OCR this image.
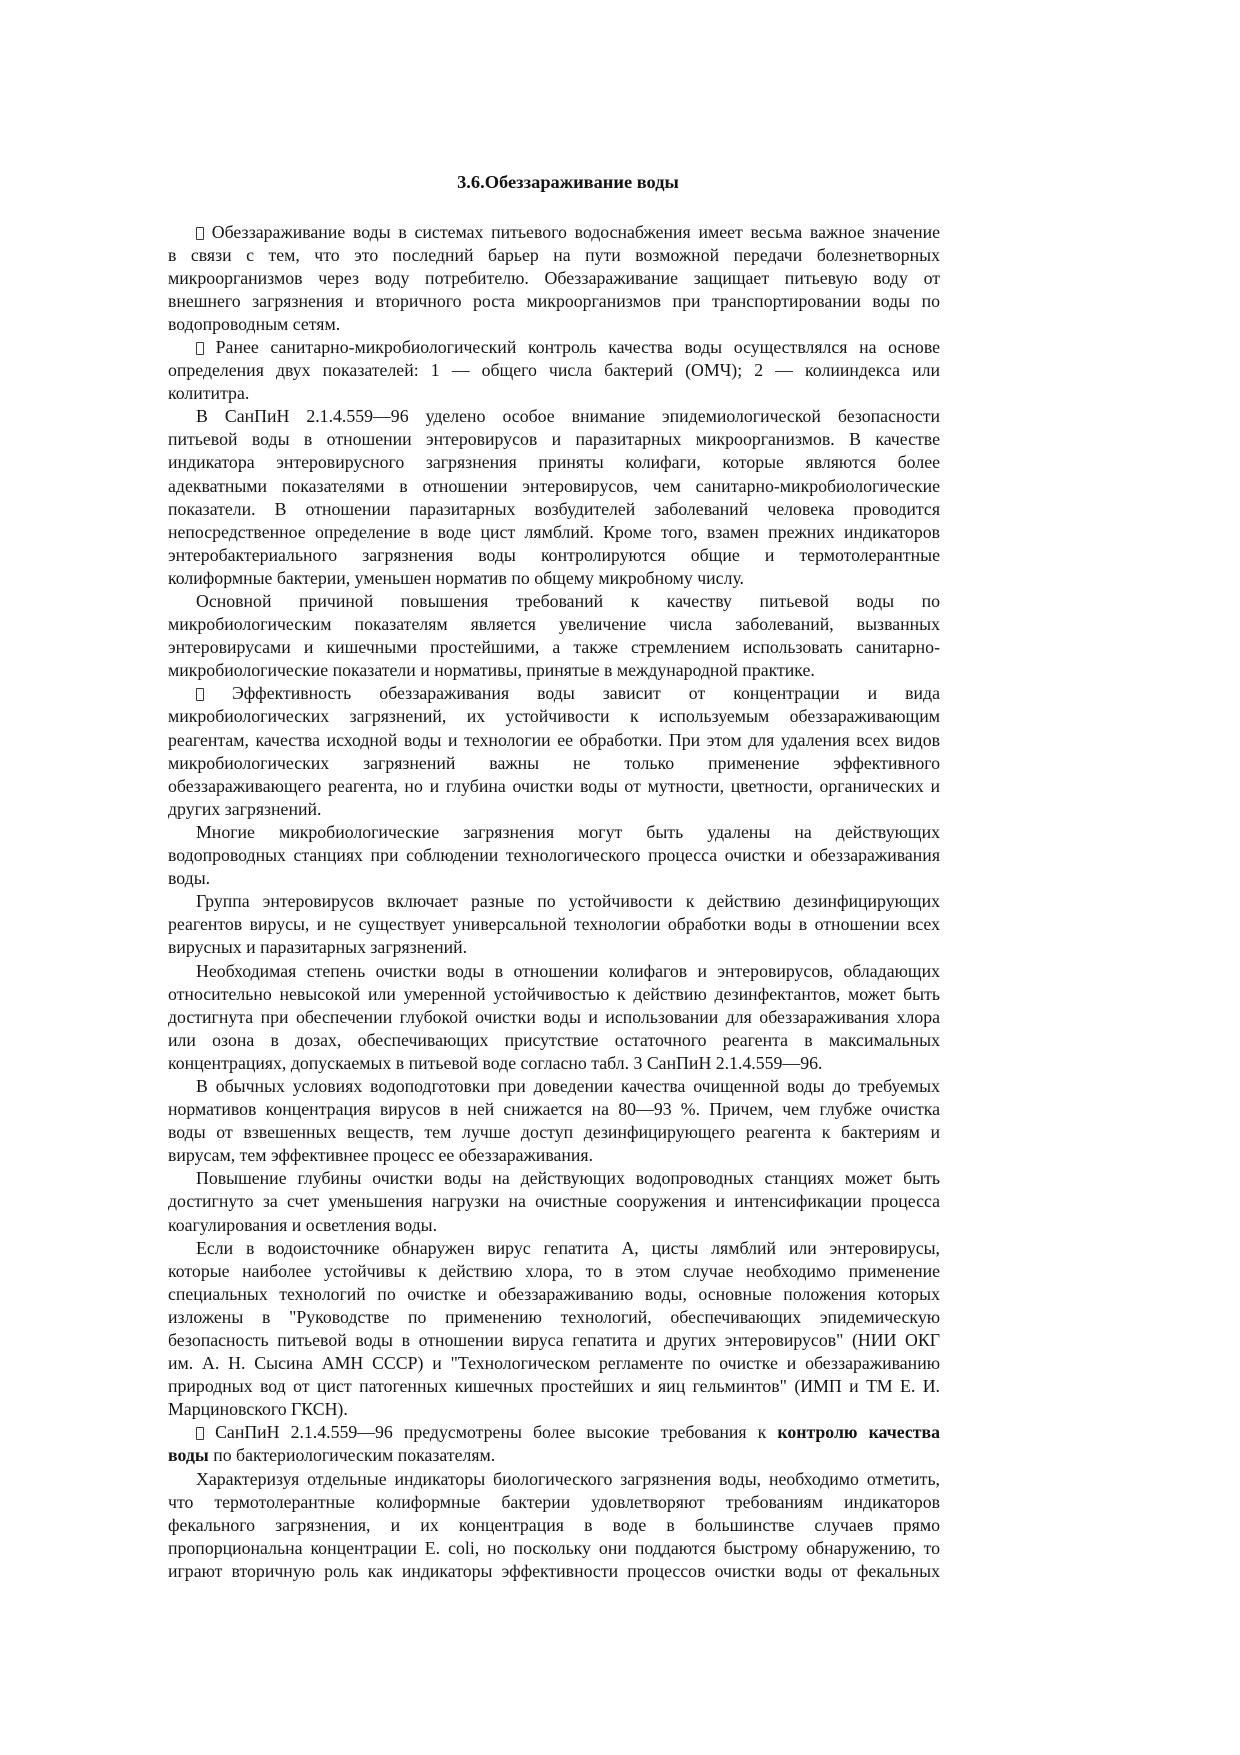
3.6.Обеззараживание воды
Обеззараживание воды в системах питьевого водоснабжения имеет весьма важное значение
в связи с тем, что это последний барьер на пути возможной передачи болезнетворных
микроорганизмов через воду потребителю. Обеззараживание защищает питьевую воду от
внешнего загрязнения и вторичного роста микроорганизмов при транспортировании воды по
водопроводным сетям.
Ранее санитарно-микробиологический контроль качества воды осуществлялся на основе
определения двух показателей: 1 — общего числа бактерий (ОМЧ); 2 — колииндекса или
колититра.
В СанПиН 2.1.4.559—96 уделено особое внимание эпидемиологической безопасности
питьевой воды в отношении энтеровирусов и паразитарных микроорганизмов. В качестве
индикатора энтеровирусного загрязнения приняты колифаги, которые являются более
адекватными показателями в отношении энтеровирусов, чем санитарно-микробиологические
показатели. В отношении паразитарных возбудителей заболеваний человека проводится
непосредственное определение в воде цист лямблий. Кроме того, взамен прежних индикаторов
энтеробактериального загрязнения воды контролируются общие и термотолерантные
колиформные бактерии, уменьшен норматив по общему микробному числу.
Основной причиной повышения требований к качеству питьевой воды по
микробиологическим показателям является увеличение числа заболеваний, вызванных
энтеровирусами и кишечными простейшими, а также стремлением использовать санитарно-
микробиологические показатели и нормативы, принятые в международной практике.
Эффективность обеззараживания воды зависит от концентрации и вида
микробиологических загрязнений, их устойчивости к используемым обеззараживающим
реагентам, качества исходной воды и технологии ее обработки. При этом для удаления всех видов
микробиологических загрязнений важны не только применение эффективного
обеззараживающего реагента, но и глубина очистки воды от мутности, цветности, органических и
других загрязнений.
Многие микробиологические загрязнения могут быть удалены на действующих
водопроводных станциях при соблюдении технологического процесса очистки и обеззараживания
воды.
Группа энтеровирусов включает разные по устойчивости к действию дезинфицирующих
реагентов вирусы, и не существует универсальной технологии обработки воды в отношении всех
вирусных и паразитарных загрязнений.
Необходимая степень очистки воды в отношении колифагов и энтеровирусов, обладающих
относительно невысокой или умеренной устойчивостью к действию дезинфектантов, может быть
достигнута при обеспечении глубокой очистки воды и использовании для обеззараживания хлора
или озона в дозах, обеспечивающих присутствие остаточного реагента в максимальных
концентрациях, допускаемых в питьевой воде согласно табл. 3 СанПиН 2.1.4.559—96.
В обычных условиях водоподготовки при доведении качества очищенной воды до требуемых
нормативов концентрация вирусов в ней снижается на 80—93 %. Причем, чем глубже очистка
воды от взвешенных веществ, тем лучше доступ дезинфицирующего реагента к бактериям и
вирусам, тем эффективнее процесс ее обеззараживания.
Повышение глубины очистки воды на действующих водопроводных станциях может быть
достигнуто за счет уменьшения нагрузки на очистные сооружения и интенсификации процесса
коагулирования и осветления воды.
Если в водоисточнике обнаружен вирус гепатита А, цисты лямблий или энтеровирусы,
которые наиболее устойчивы к действию хлора, то в этом случае необходимо применение
специальных технологий по очистке и обеззараживанию воды, основные положения которых
изложены в "Руководстве по применению технологий, обеспечивающих эпидемическую
безопасность питьевой воды в отношении вируса гепатита и других энтеровирусов" (НИИ ОКГ
им. А. Н. Сысина АМН СССР) и "Технологическом регламенте по очистке и обеззараживанию
природных вод от цист патогенных кишечных простейших и яиц гельминтов" (ИМП и ТМ Е. И.
Марциновского ГКСН).
СанПиН 2.1.4.559—96 предусмотрены более высокие требования к контролю качества
воды по бактериологическим показателям.
Характеризуя отдельные индикаторы биологического загрязнения воды, необходимо отметить,
что термотолерантные колиформные бактерии удовлетворяют требованиям индикаторов
фекального загрязнения, и их концентрация в воде в большинстве случаев прямо
пропорциональна концентрации E. coli, но поскольку они поддаются быстрому обнаружению, то
играют вторичную роль как индикаторы эффективности процессов очистки воды от фекальных
